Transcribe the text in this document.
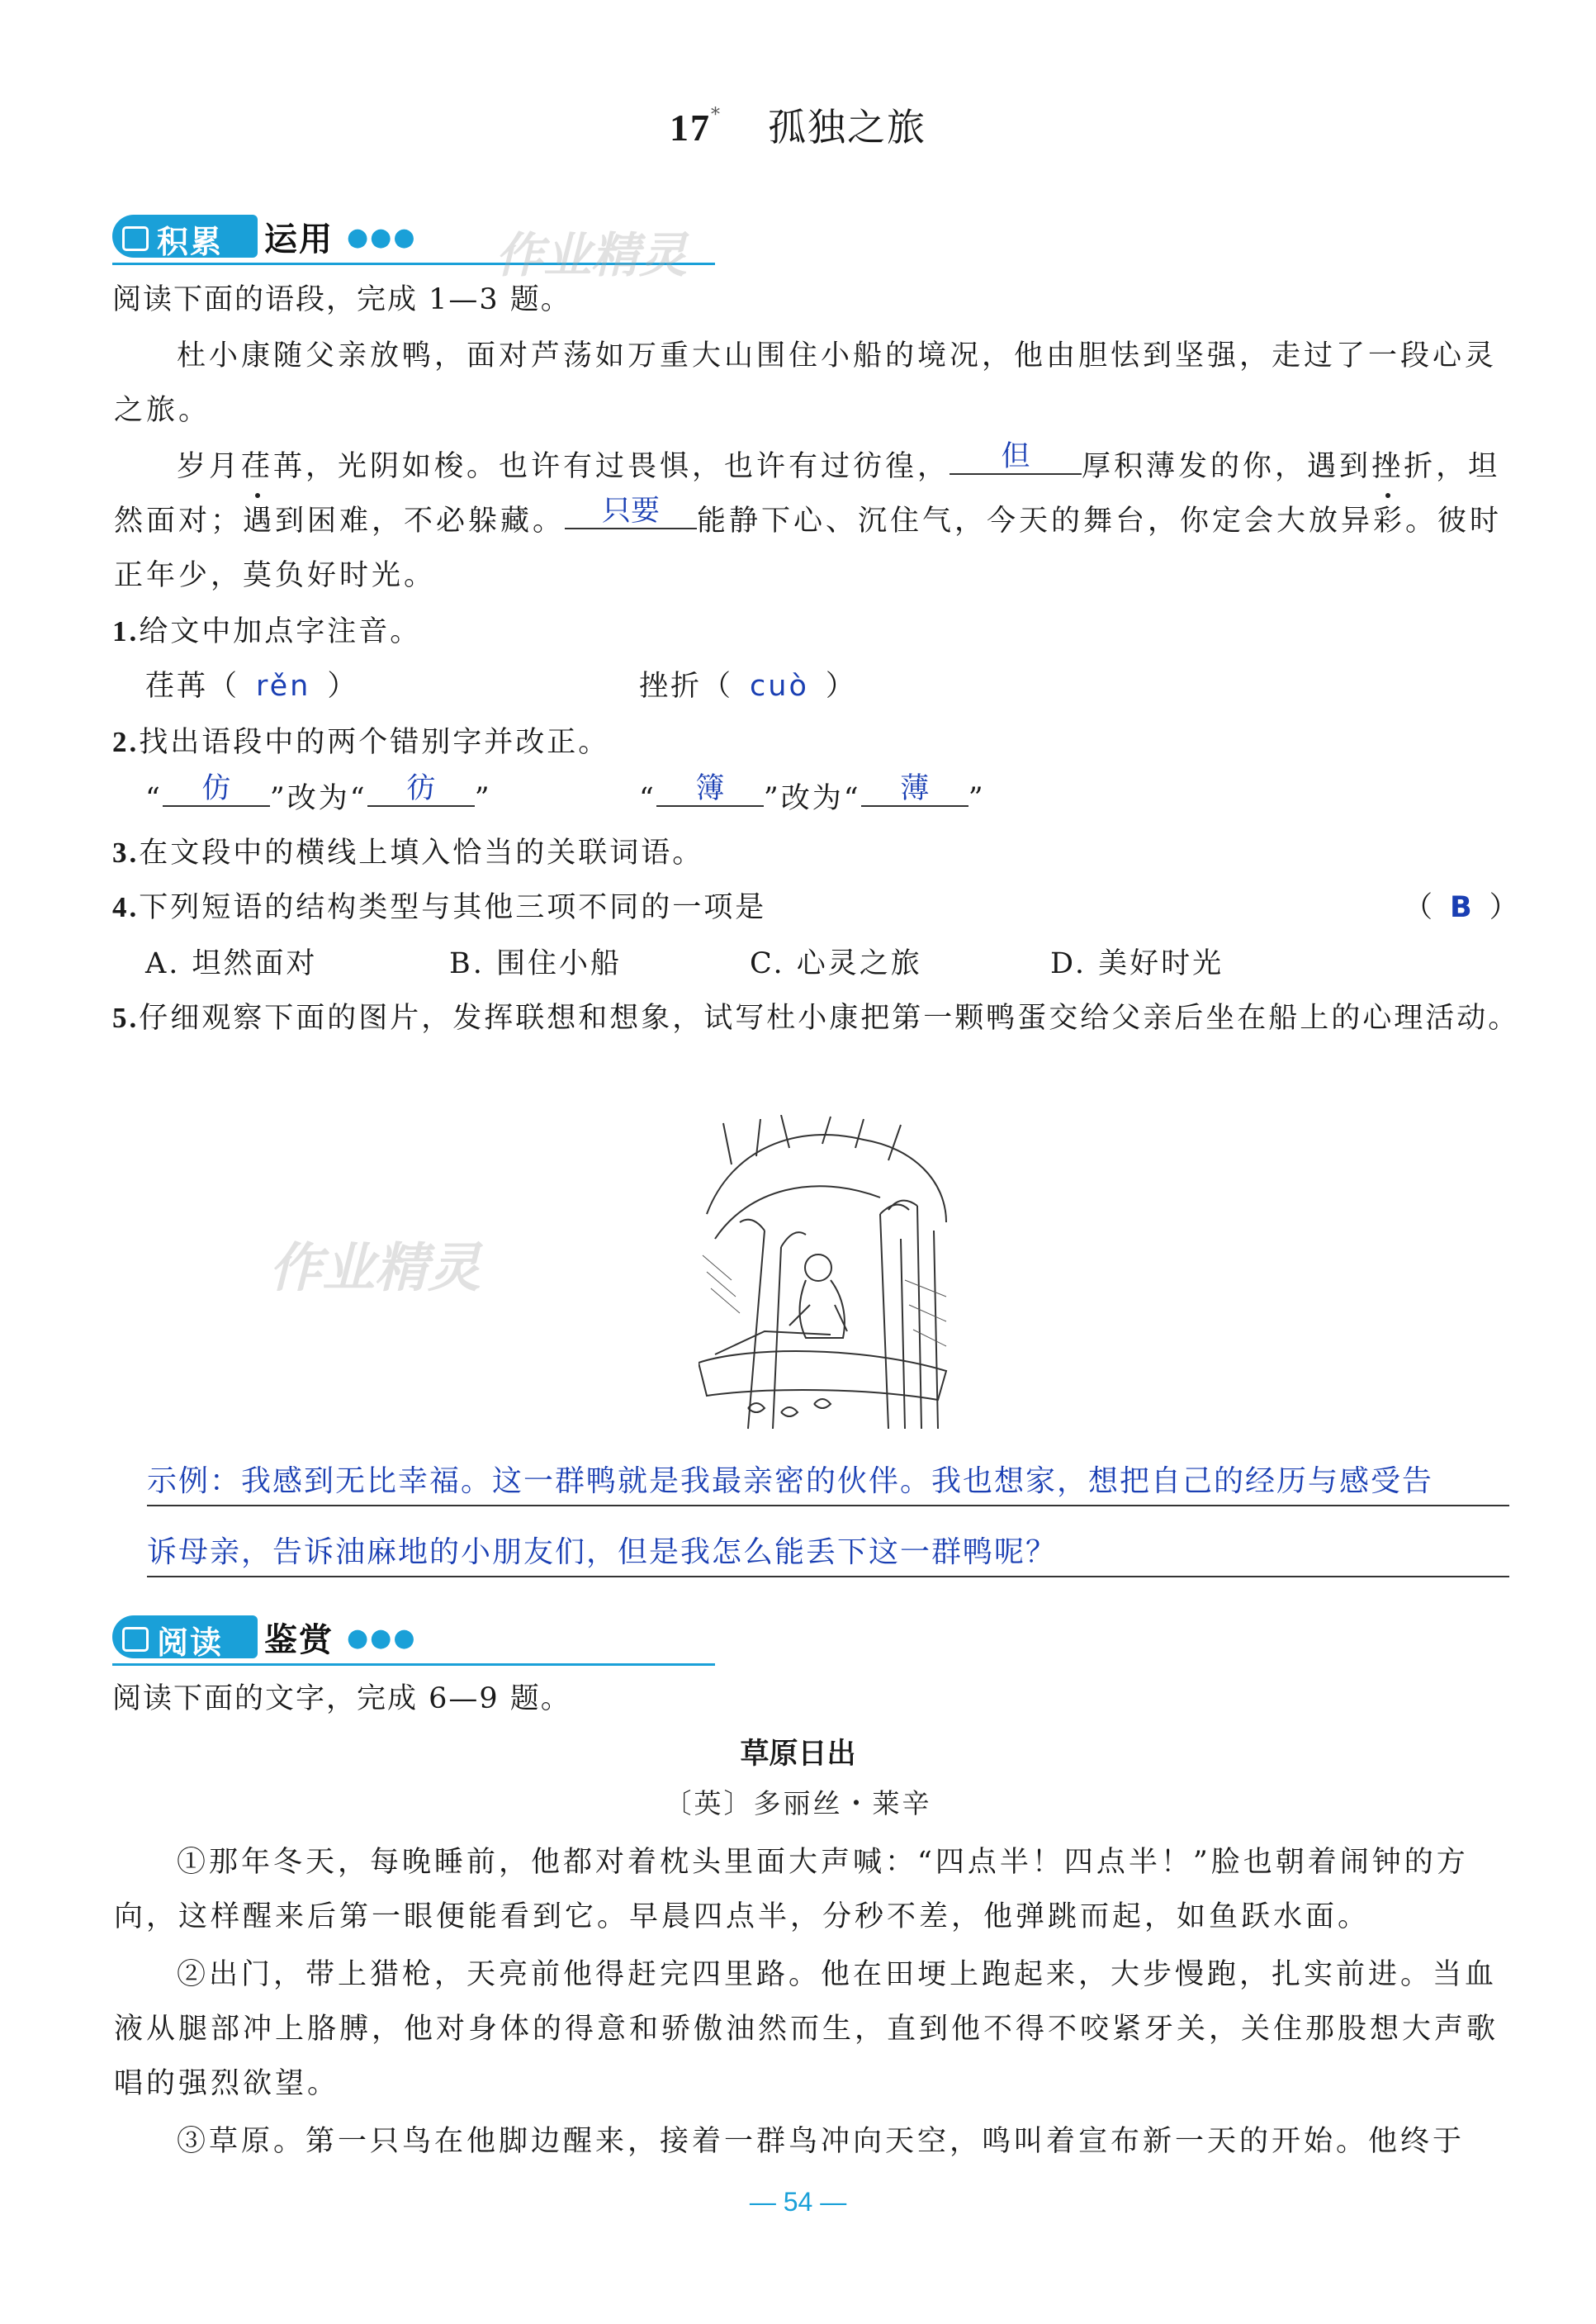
17* 孤独之旅
积累 运用 ●●● 作业精灵
阅读下面的语段，完成 1—3 题。
杜小康随父亲放鸭，面对芦荡如万重大山围住小船的境况，他由胆怯到坚强，走过了一段心灵之旅。
岁月荏苒，光阴如梭。也许有过畏惧，也许有过彷徨， 但 厚积薄发的你，遇到挫折，坦然面对；遇到困难，不必躲藏。 只要 能静下心、沉住气，今天的舞台，你定会大放异彩。彼时正年少，莫负好时光。
1.给文中加点字注音。
荏苒（ rěn ）	挫折（ cuò ）
2.找出语段中的两个错别字并改正。
“ 仿 ”改为“ 彷 ”	“ 簿 ”改为“ 薄 ”
3.在文段中的横线上填入恰当的关联词语。
4.下列短语的结构类型与其他三项不同的一项是	（ B ）
A. 坦然面对	B. 围住小船	C. 心灵之旅	D. 美好时光
5.仔细观察下面的图片，发挥联想和想象，试写杜小康把第一颗鸭蛋交给父亲后坐在船上的心理活动。
作业精灵
示例：我感到无比幸福。这一群鸭就是我最亲密的伙伴。我也想家，想把自己的经历与感受告
诉母亲，告诉油麻地的小朋友们，但是我怎么能丢下这一群鸭呢？
阅读 鉴赏 ●●●
阅读下面的文字，完成 6—9 题。
草原日出
〔英〕多丽丝・莱辛
①那年冬天，每晚睡前，他都对着枕头里面大声喊：“四点半！四点半！”脸也朝着闹钟的方向，这样醒来后第一眼便能看到它。早晨四点半，分秒不差，他弹跳而起，如鱼跃水面。
②出门，带上猎枪，天亮前他得赶完四里路。他在田埂上跑起来，大步慢跑，扎实前进。当血液从腿部冲上胳膊，他对身体的得意和骄傲油然而生，直到他不得不咬紧牙关，关住那股想大声歌唱的强烈欲望。
③草原。第一只鸟在他脚边醒来，接着一群鸟冲向天空，鸣叫着宣布新一天的开始。他终于
— 54 —
